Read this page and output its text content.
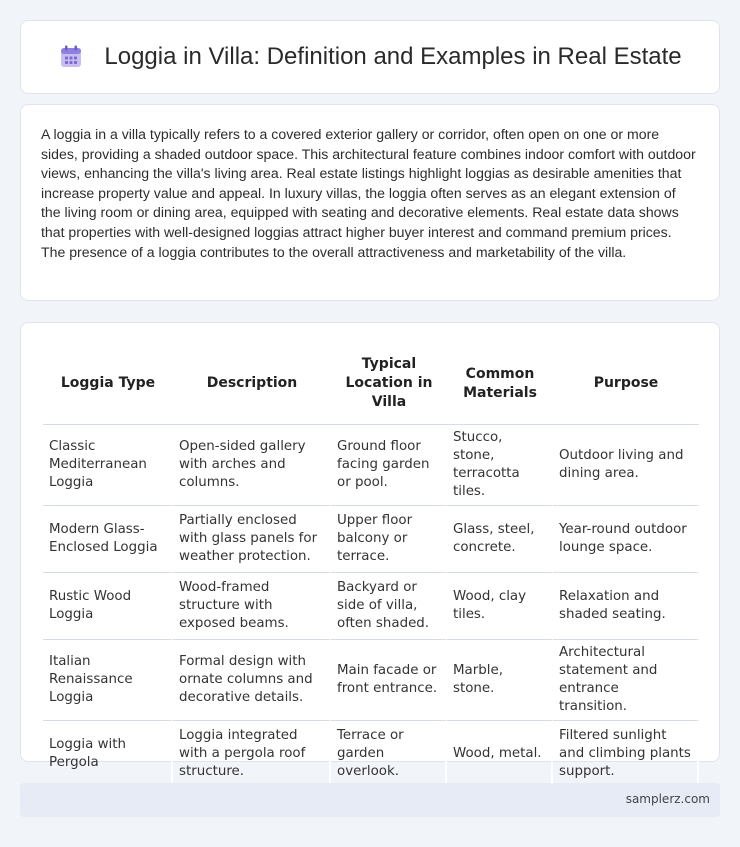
Loggia in Villa: Definition and Examples in Real Estate

A loggia in a villa typically refers to a covered exterior gallery or corridor, often open on one or more sides, providing a shaded outdoor space. This architectural feature combines indoor comfort with outdoor views, enhancing the villa's living area. Real estate listings highlight loggias as desirable amenities that increase property value and appeal. In luxury villas, the loggia often serves as an elegant extension of the living room or dining area, equipped with seating and decorative elements. Real estate data shows that properties with well-designed loggias attract higher buyer interest and command premium prices. The presence of a loggia contributes to the overall attractiveness and marketability of the villa.

Loggia Type	Description	Typical Location in Villa	Common Materials	Purpose
Classic Mediterranean Loggia	Open-sided gallery with arches and columns.	Ground floor facing garden or pool.	Stucco, stone, terracotta tiles.	Outdoor living and dining area.
Modern Glass-Enclosed Loggia	Partially enclosed with glass panels for weather protection.	Upper floor balcony or terrace.	Glass, steel, concrete.	Year-round outdoor lounge space.
Rustic Wood Loggia	Wood-framed structure with exposed beams.	Backyard or side of villa, often shaded.	Wood, clay tiles.	Relaxation and shaded seating.
Italian Renaissance Loggia	Formal design with ornate columns and decorative details.	Main facade or front entrance.	Marble, stone.	Architectural statement and entrance transition.
Loggia with Pergola	Loggia integrated with a pergola roof structure.	Terrace or garden overlook.	Wood, metal.	Filtered sunlight and climbing plants support.
samplerz.com
